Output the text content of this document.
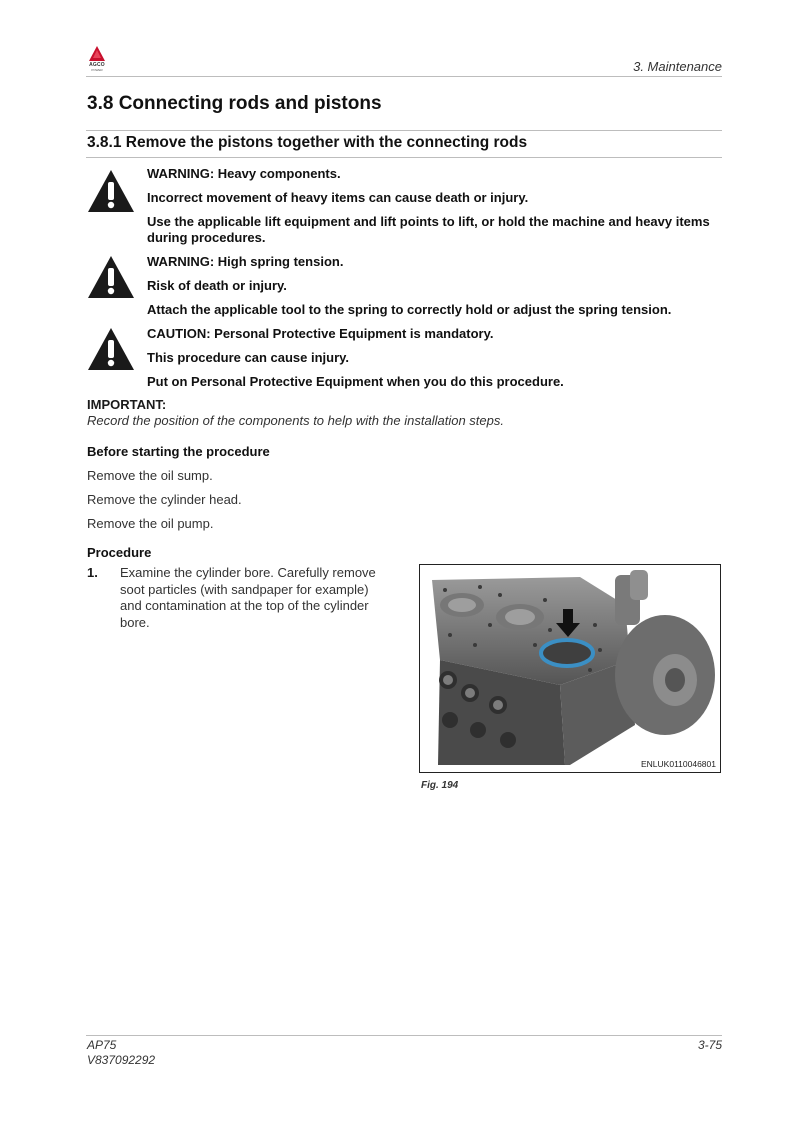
AGCO
POWER	3. Maintenance
3.8 Connecting rods and pistons
3.8.1 Remove the pistons together with the connecting rods
WARNING: Heavy components.
Incorrect movement of heavy items can cause death or injury.
Use the applicable lift equipment and lift points to lift, or hold the machine and heavy items during procedures.
WARNING: High spring tension.
Risk of death or injury.
Attach the applicable tool to the spring to correctly hold or adjust the spring tension.
CAUTION: Personal Protective Equipment is mandatory.
This procedure can cause injury.
Put on Personal Protective Equipment when you do this procedure.
IMPORTANT:
Record the position of the components to help with the installation steps.
Before starting the procedure
Remove the oil sump.
Remove the cylinder head.
Remove the oil pump.
Procedure
1. Examine the cylinder bore. Carefully remove soot particles (with sandpaper for example) and contamination at the top of the cylinder bore.
ENLUK0110046801
Fig. 194
AP75
V837092292
3-75
